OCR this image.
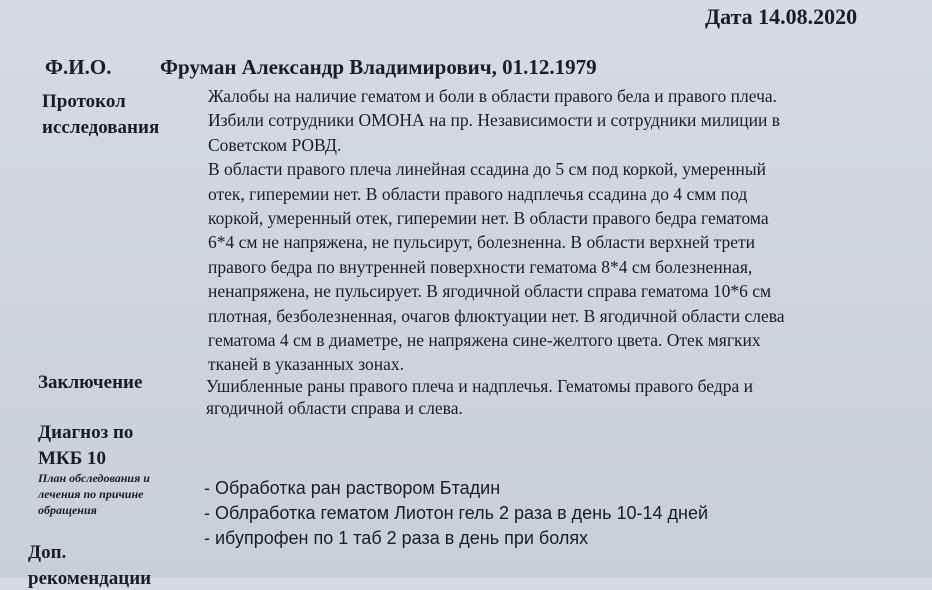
Дата 14.08.2020
Ф.И.О. Фруман Александр Владимирович, 01.12.1979
Протокол
исследования
Жалобы на наличие гематом и боли в области правого бела и правого плеча.
Избили сотрудники ОМОНА на пр. Независимости и сотрудники милиции в
Советском РОВД.
В области правого плеча линейная ссадина до 5 см под коркой, умеренный
отек, гиперемии нет. В области правого надплечья ссадина до 4 смм под
коркой, умеренный отек, гиперемии нет. В области правого бедра гематома
6*4 см не напряжена, не пульсирут, болезненна. В области верхней трети
правого бедра по внутренней поверхности гематома 8*4 см болезненная,
ненапряжена, не пульсирует. В ягодичной области справа гематома 10*6 см
плотная, безболезненная, очагов флюктуации нет. В ягодичной области слева
гематома 4 см в диаметре, не напряжена сине-желтого цвета. Отек мягких
тканей в указанных зонах.
Заключение	Ушибленные раны правого плеча и надплечья. Гематомы правого бедра и
ягодичной области справа и слева.
Диагноз по
МКБ 10
План обследования и
лечения по причине
обращения
- Обработка ран раствором Бтадин
- Облработка гематом Лиотон гель 2 раза в день 10-14 дней
- ибупрофен по 1 таб 2 раза в день при болях
Доп.
рекомендации
